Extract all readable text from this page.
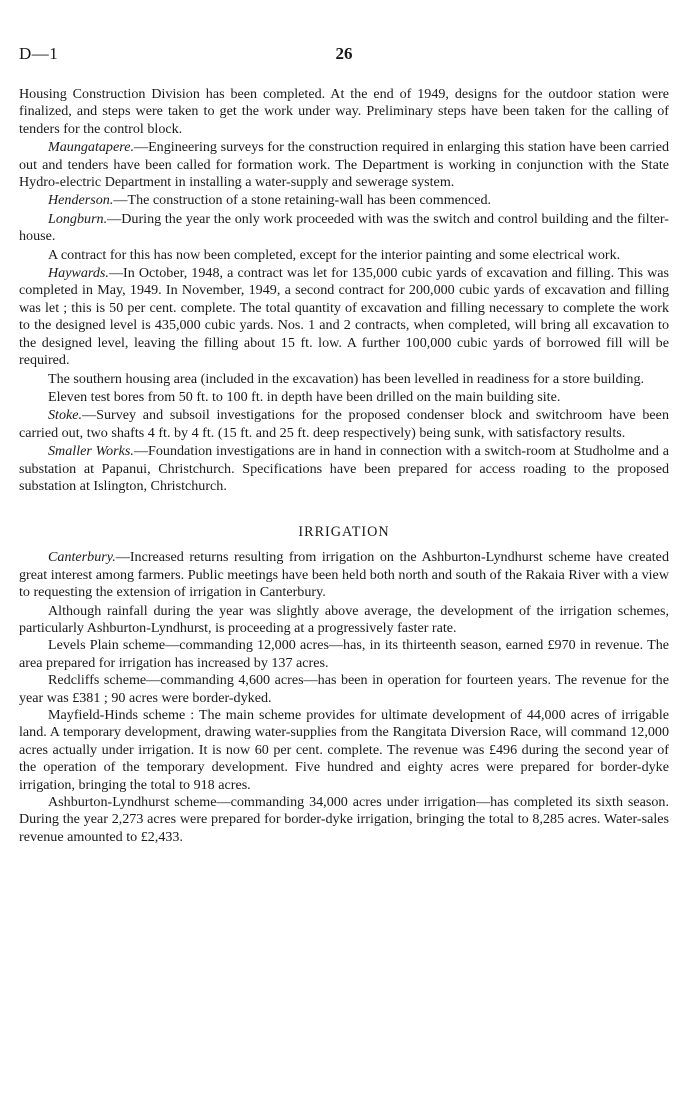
D—1	26

Housing Construction Division has been completed. At the end of 1949, designs for the outdoor station were finalized, and steps were taken to get the work under way. Preliminary steps have been taken for the calling of tenders for the control block.

Maungatapere.—Engineering surveys for the construction required in enlarging this station have been carried out and tenders have been called for formation work. The Department is working in conjunction with the State Hydro-electric Department in installing a water-supply and sewerage system.

Henderson.—The construction of a stone retaining-wall has been commenced.

Longburn.—During the year the only work proceeded with was the switch and control building and the filter-house.

A contract for this has now been completed, except for the interior painting and some electrical work.

Haywards.—In October, 1948, a contract was let for 135,000 cubic yards of excavation and filling. This was completed in May, 1949. In November, 1949, a second contract for 200,000 cubic yards of excavation and filling was let ; this is 50 per cent. complete. The total quantity of excavation and filling necessary to complete the work to the designed level is 435,000 cubic yards. Nos. 1 and 2 contracts, when completed, will bring all excavation to the designed level, leaving the filling about 15 ft. low. A further 100,000 cubic yards of borrowed fill will be required.

The southern housing area (included in the excavation) has been levelled in readiness for a store building.

Eleven test bores from 50 ft. to 100 ft. in depth have been drilled on the main building site.

Stoke.—Survey and subsoil investigations for the proposed condenser block and switchroom have been carried out, two shafts 4 ft. by 4 ft. (15 ft. and 25 ft. deep respectively) being sunk, with satisfactory results.

Smaller Works.—Foundation investigations are in hand in connection with a switch-room at Studholme and a substation at Papanui, Christchurch. Specifications have been prepared for access roading to the proposed substation at Islington, Christchurch.

IRRIGATION

Canterbury.—Increased returns resulting from irrigation on the Ashburton-Lyndhurst scheme have created great interest among farmers. Public meetings have been held both north and south of the Rakaia River with a view to requesting the extension of irrigation in Canterbury.

Although rainfall during the year was slightly above average, the development of the irrigation schemes, particularly Ashburton-Lyndhurst, is proceeding at a progressively faster rate.

Levels Plain scheme—commanding 12,000 acres—has, in its thirteenth season, earned £970 in revenue. The area prepared for irrigation has increased by 137 acres.

Redcliffs scheme—commanding 4,600 acres—has been in operation for fourteen years. The revenue for the year was £381 ; 90 acres were border-dyked.

Mayfield-Hinds scheme : The main scheme provides for ultimate development of 44,000 acres of irrigable land. A temporary development, drawing water-supplies from the Rangitata Diversion Race, will command 12,000 acres actually under irrigation. It is now 60 per cent. complete. The revenue was £496 during the second year of the operation of the temporary development. Five hundred and eighty acres were prepared for border-dyke irrigation, bringing the total to 918 acres.

Ashburton-Lyndhurst scheme—commanding 34,000 acres under irrigation—has completed its sixth season. During the year 2,273 acres were prepared for border-dyke irrigation, bringing the total to 8,285 acres. Water-sales revenue amounted to £2,433.
